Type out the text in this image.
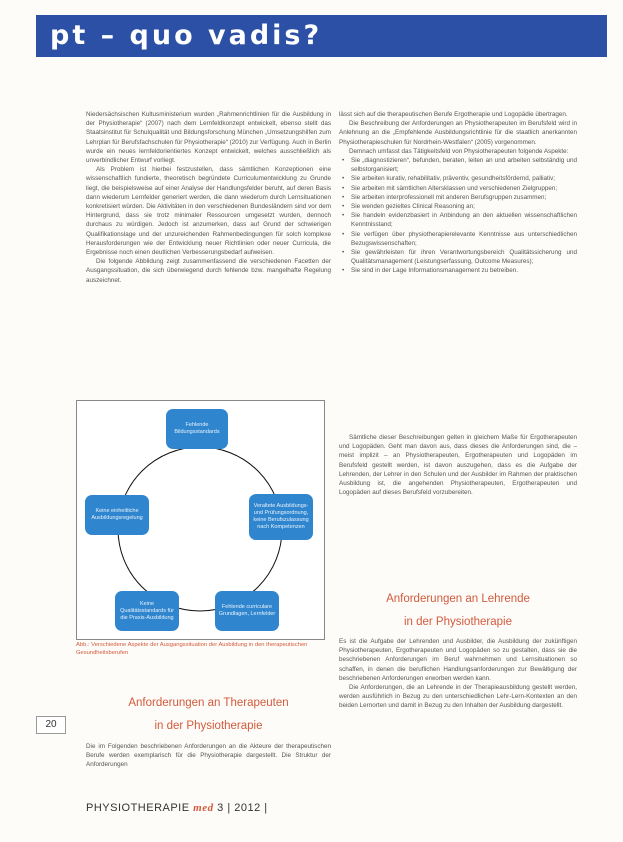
pt – quo vadis?

Niedersächsischen Kultusministerium wurden „Rahmenrichtlinien für die Ausbildung in der Physiotherapie“ (2007) nach dem Lernfeldkonzept entwickelt, ebenso stellt das Staatsinstitut für Schulqualität und Bildungsforschung München „Umsetzungshilfen zum Lehrplan für Berufsfachschulen für Physiotherapie“ (2010) zur Verfügung. Auch in Berlin wurde ein neues lernfeldorientiertes Konzept entwickelt, welches ausschließlich als unverbindlicher Entwurf vorliegt.

Als Problem ist hierbei festzustellen, dass sämtlichen Konzeptionen eine wissenschaftlich fundierte, theoretisch begründete Curriculumentwicklung zu Grunde liegt, die beispielsweise auf einer Analyse der Handlungsfelder beruht, auf deren Basis dann wiederum Lernfelder generiert werden, die dann wiederum durch Lernsituationen konkretisiert würden. Die Aktivitäten in den verschiedenen Bundesländern sind vor dem Hintergrund, dass sie trotz minimaler Ressourcen umgesetzt wurden, dennoch durchaus zu würdigen. Jedoch ist anzumerken, dass auf Grund der schwierigen Qualifikationslage und der unzureichenden Rahmenbedingungen für solch komplexe Herausforderungen wie der Entwicklung neuer Richtlinien oder neuer Curricula, die Ergebnisse noch einen deutlichen Verbesserungsbedarf aufweisen.

Die folgende Abbildung zeigt zusammenfassend die verschiedenen Facetten der Ausgangssituation, die sich überwiegend durch fehlende bzw. mangelhafte Regelung auszeichnet.

Fehlende Bildungsstandards
Veraltete Ausbildungs- und Prüfungsordnung, keine Berufszulassung nach Kompetenzen
Fehlende curriculare Grundlagen, Lernfelder
Keine Qualitätsstandards für die Praxis-Ausbildung
Keine einheitliche Ausbildungsregelung
Abb.: Verschiedene Aspekte der Ausgangssituation der Ausbildung in den therapeutischen Gesundheitsberufen
Anforderungen an Therapeuten
in der Physiotherapie

Die im Folgenden beschriebenen Anforderungen an die Akteure der therapeutischen Berufe werden exemplarisch für die Physiotherapie dargestellt. Die Struktur der Anforderungen

lässt sich auf die therapeutischen Berufe Ergotherapie und Logopädie übertragen.

Die Beschreibung der Anforderungen an Physiotherapeuten im Berufsfeld wird in Anlehnung an die „Empfehlende Ausbildungsrichtlinie für die staatlich anerkannten Physiotherapieschulen für Nordrhein-Westfalen“ (2005) vorgenommen.

Demnach umfasst das Tätigkeitsfeld von Physiotherapeuten folgende Aspekte:

• Sie „diagnostizieren“, befunden, beraten, leiten an und arbeiten selbständig und selbstorganisiert;
• Sie arbeiten kurativ, rehabilitativ, präventiv, gesundheitsfördernd, palliativ;
• Sie arbeiten mit sämtlichen Altersklassen und verschiedenen Zielgruppen;
• Sie arbeiten interprofessionell mit anderen Berufsgruppen zusammen;
• Sie wenden gezieltes Clinical Reasoning an;
• Sie handeln evidenzbasiert in Anbindung an den aktuellen wissenschaftlichen Kenntnisstand;
• Sie verfügen über physiotherapierelevante Kenntnisse aus unterschiedlichen Bezugswissenschaften;
• Sie gewährleisten für ihren Verantwortungsbereich Qualitätssicherung und Qualitätsmanagement (Leistungserfassung, Outcome Measures);
• Sie sind in der Lage Informationsmanagement zu betreiben.

Sämtliche dieser Beschreibungen gelten in gleichem Maße für Ergotherapeuten und Logopäden. Geht man davon aus, dass dieses die Anforderungen sind, die – meist implizit – an Physiotherapeuten, Ergotherapeuten und Logopäden im Berufsfeld gestellt werden, ist davon auszugehen, dass es die Aufgabe der Lehrenden, der Lehrer in den Schulen und der Ausbilder im Rahmen der praktischen Ausbildung ist, die angehenden Physiotherapeuten, Ergotherapeuten und Logopäden auf dieses Berufsfeld vorzubereiten.

Anforderungen an Lehrende
in der Physiotherapie

Es ist die Aufgabe der Lehrenden und Ausbilder, die Ausbildung der zukünftigen Physiotherapeuten, Ergotherapeuten und Logopäden so zu gestalten, dass sie die beschriebenen Anforderungen im Beruf wahrnehmen und Lernsituationen so schaffen, in denen die beruflichen Handlungsanforderungen zur Bewältigung der beschriebenen Anforderungen erworben werden kann.

Die Anforderungen, die an Lehrende in der Therapieausbildung gestellt werden, werden ausführlich in Bezug zu den unterschiedlichen Lehr-Lern-Kontexten an den beiden Lernorten und damit in Bezug zu den Inhalten der Ausbildung dargestellt.

20
PHYSIOTHERAPIE med 3 | 2012 |
